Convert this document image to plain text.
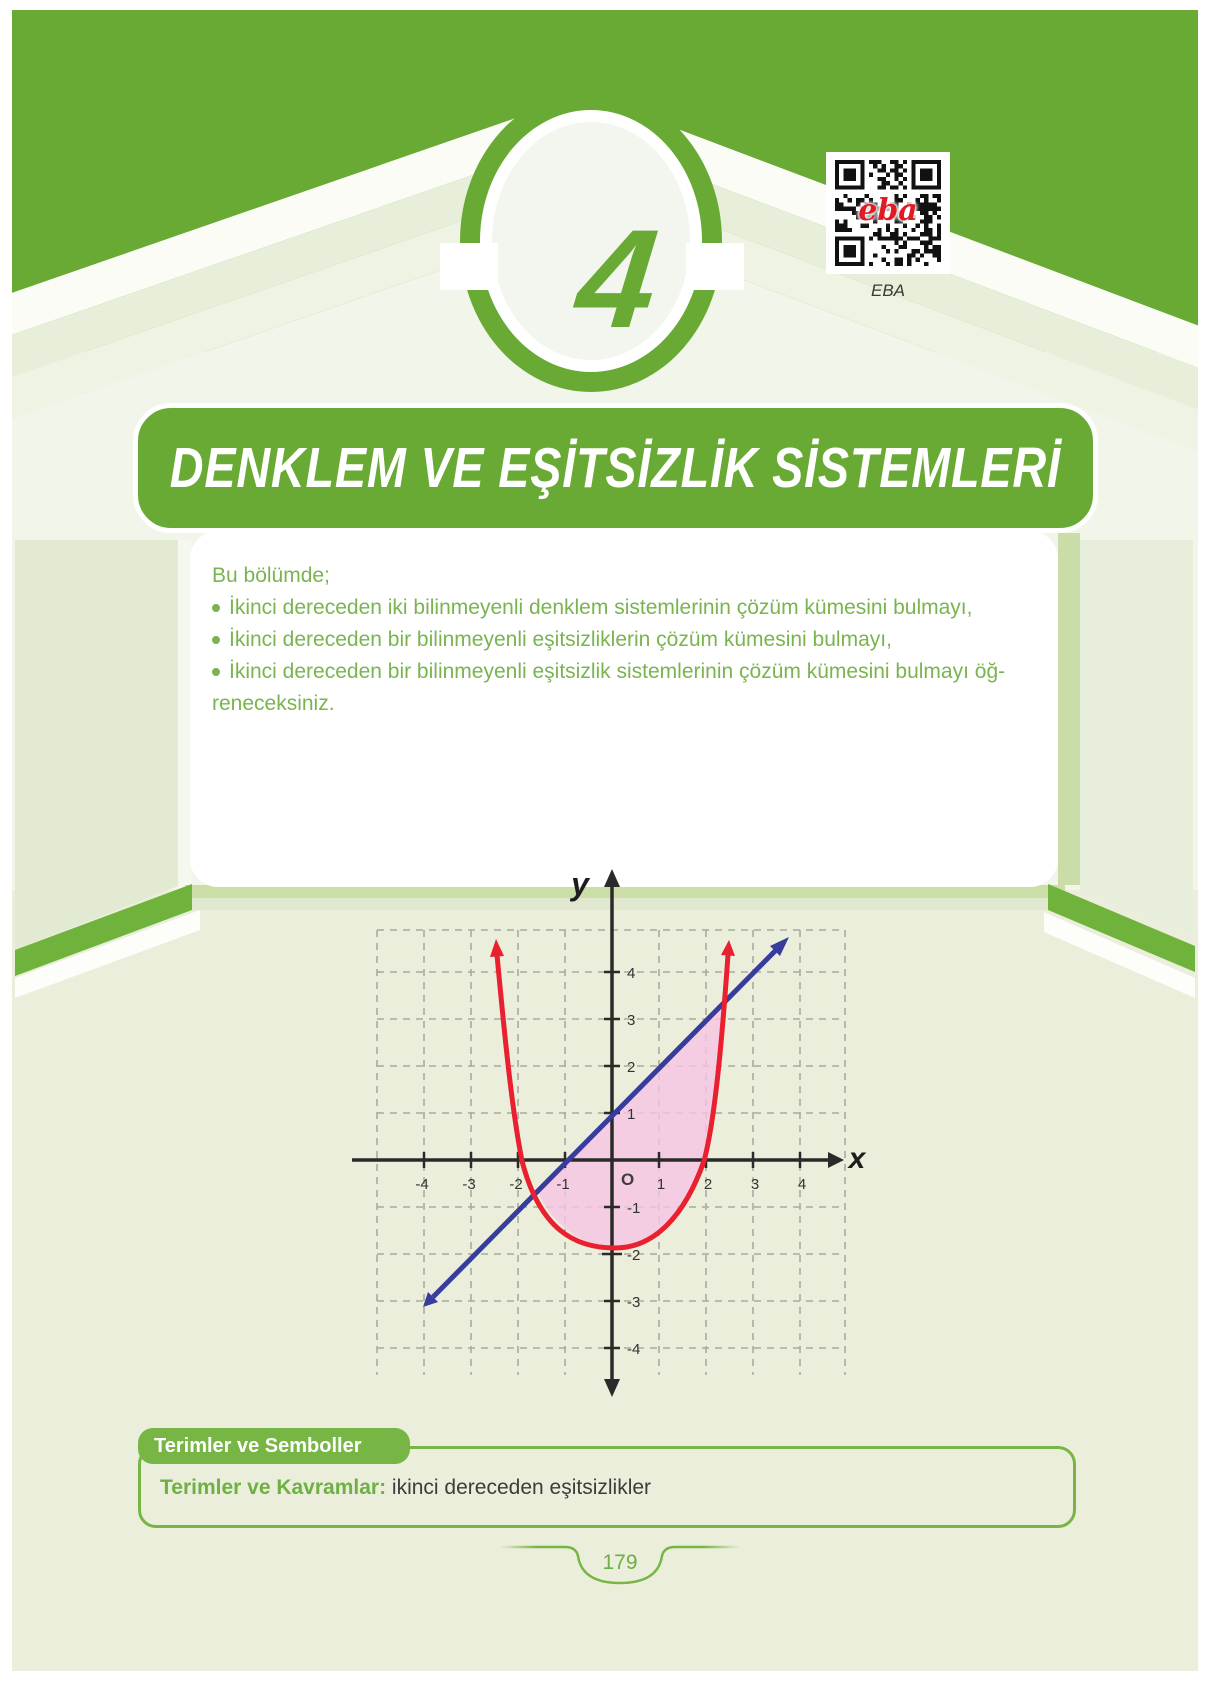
4	eba
EBA
DENKLEM VE EŞİTSİZLİK SİSTEMLERİ
Bu bölümde;
İkinci dereceden iki bilinmeyenli denklem sistemlerinin çözüm kümesini bulmayı,
İkinci dereceden bir bilinmeyenli eşitsizliklerin çözüm kümesini bulmayı,
İkinci dereceden bir bilinmeyenli eşitsizlik sistemlerinin çözüm kümesini bulmayı öğ-
reneceksiniz.
y
x
O
-4 -3 -2 -1	1	2	3	4
4
3
2
1
-1
-2
-3
-4
Terimler ve Semboller
Terimler ve Kavramlar: ikinci dereceden eşitsizlikler
179
